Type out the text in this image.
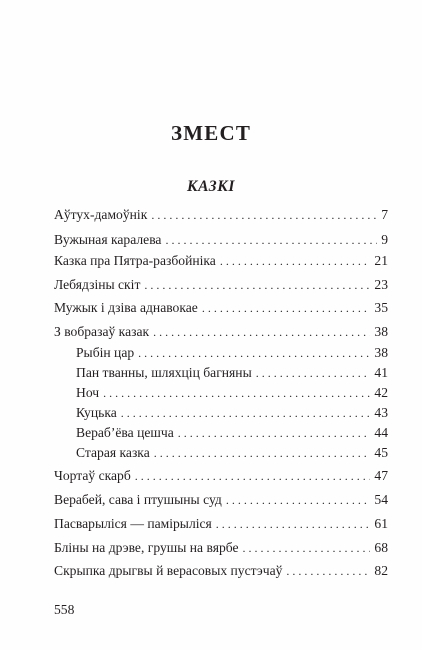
ЗМЕСТ
КАЗКІ
Аўтух-дамоўнік . . .	7
Вужыная каралева . . .	9
Казка пра Пятра-разбойніка . . .	21
Лебядзіны скіт . . .	23
Мужык і дзіва аднавокае . . .	35
З вобразаў казак . . .	38
Рыбін цар . . .	38
Пан тванны, шляхціц багняны . . .	41
Ноч . . .	42
Куцька . . .	43
Вераб’ёва цешча . . .	44
Старая казка . . .	45
Чортаў скарб . . .	47
Верабей, сава і птушыны суд . . .	54
Пасварыліся — памірыліся . . .	61
Бліны на дрэве, грушы на вярбе . . .	68
Скрыпка дрыгвы й верасовых пустэчаў . . .	82
558
